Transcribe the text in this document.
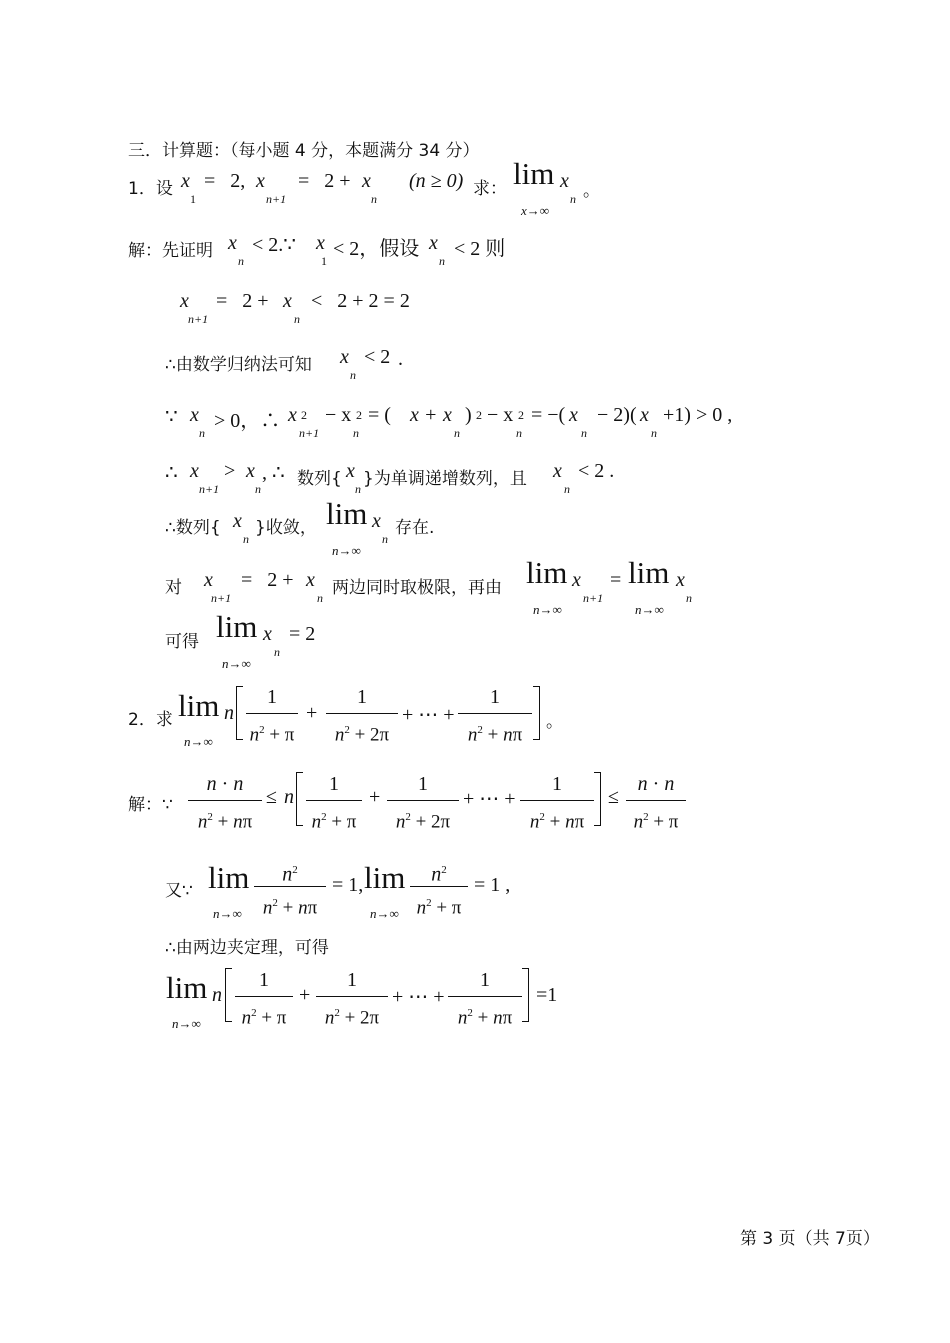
三．计算题：（每小题 4 分，本题满分 34 分）
1．设 x
1
=   2, x
n+1
=   2 + x
n
(n ≥ 0) 求： lim
x→∞
x
n 。
解：先证明 x
n
< 2.∵ x
1
< 2，假设 x
n
< 2 则
x
n+1
=   2 + x
n
<   2 + 2 = 2
∴由数学归纳法可知 x
n
< 2 .
∵ x
n
> 0，∴ x 2
n+1
− x 2
n
= ( x + x
n
) 2 − x 2
n
= −( x
n
− 2)( x
n
+1) > 0 ,
∴ x
n+1
> x
n
, ∴ 数列{ x
n }为单调递增数列，且 x
n
< 2 .
∴数列{ x
n
}收敛， lim
n→∞
x
n
存在.
对 x
n+1
=   2 + x
n 两边同时取极限，再由 lim
n→∞
x
n+1
= lim
n→∞
x
n
可得 lim
n→∞
x
n
= 2
2．求 lim
n→∞
n
1
$n^2 + \pi$
+
1
$n^2 + 2\pi$
+ ⋯ +
1
$n^2 + n\pi$
。
解：∵
n · n
$n^2 + n\pi$
≤ n
1
$n^2 + \pi$
+
1
$n^2 + 2\pi$
+ ⋯ +
1
$n^2 + n\pi$
≤
n · n
$n^2 + \pi$
又∵ lim
n→∞
$n^2$
$n^2 + n\pi$
= 1, lim
n→∞
$n^2$
$n^2 + \pi$
= 1 ,
∴由两边夹定理，可得
lim
n→∞
n
1
$n^2 + \pi$
+
1
$n^2 + 2\pi$
+ ⋯ +
1
$n^2 + n\pi$
=1
第 3 页（共 7页）
